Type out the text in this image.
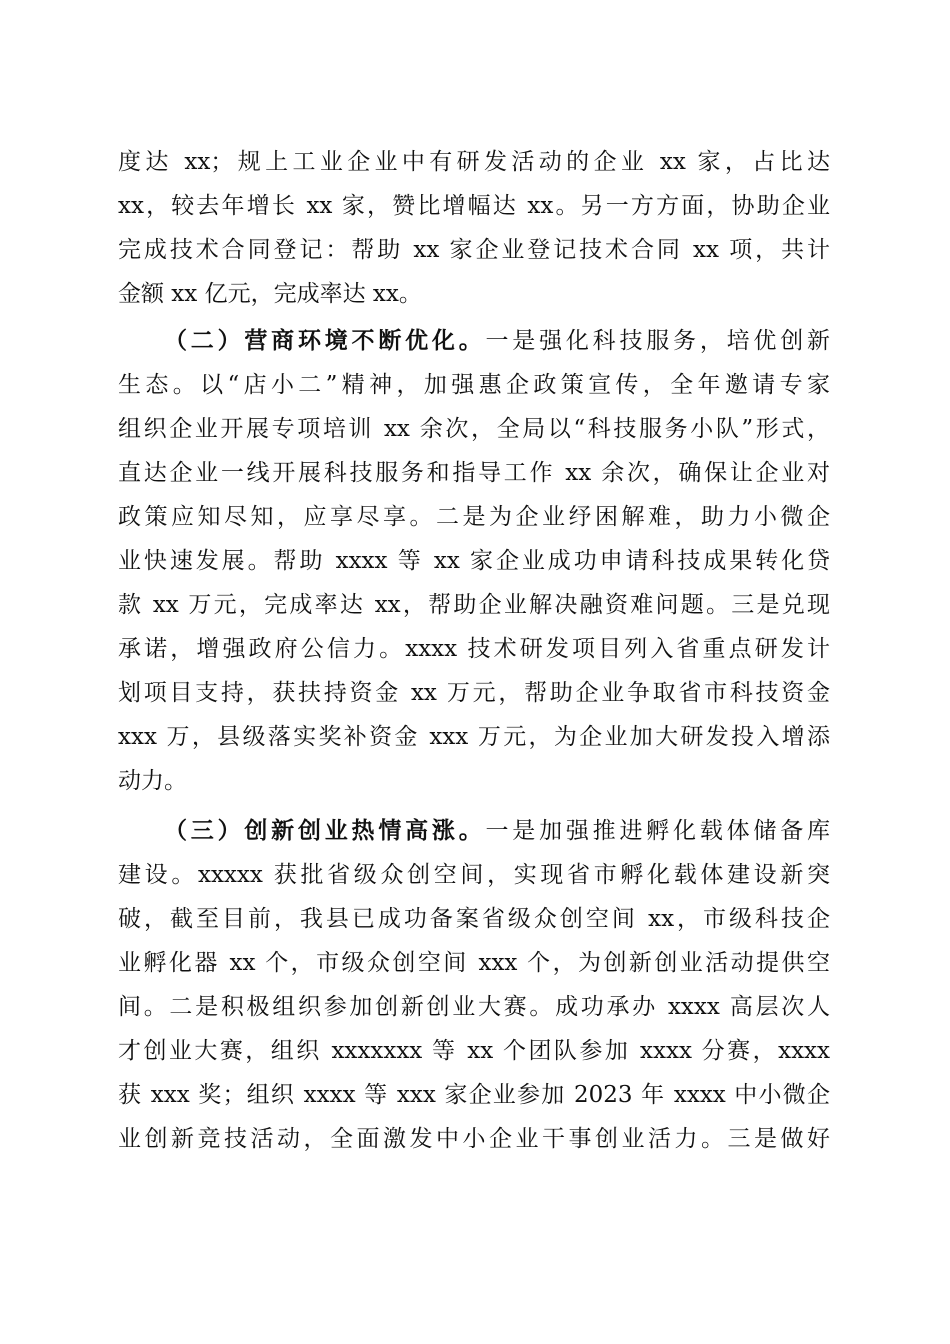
度达 xx；规上工业企业中有研发活动的企业 xx 家，占比达
xx，较去年增长 xx 家，赞比增幅达 xx。另一方方面，协助企业
完成技术合同登记：帮助 xx 家企业登记技术合同 xx 项，共计
金额 xx 亿元，完成率达 xx。
（二）营商环境不断优化。一是强化科技服务，培优创新
生态。以“店小二”精神，加强惠企政策宣传，全年邀请专家
组织企业开展专项培训 xx 余次，全局以“科技服务小队”形式，
直达企业一线开展科技服务和指导工作 xx 余次，确保让企业对
政策应知尽知，应享尽享。二是为企业纾困解难，助力小微企
业快速发展。帮助 xxxx 等 xx 家企业成功申请科技成果转化贷
款 xx 万元，完成率达 xx，帮助企业解决融资难问题。三是兑现
承诺，增强政府公信力。xxxx 技术研发项目列入省重点研发计
划项目支持，获扶持资金 xx 万元，帮助企业争取省市科技资金
xxx 万，县级落实奖补资金 xxx 万元，为企业加大研发投入增添
动力。
（三）创新创业热情高涨。一是加强推进孵化载体储备库
建设。xxxxx 获批省级众创空间，实现省市孵化载体建设新突
破，截至目前，我县已成功备案省级众创空间 xx，市级科技企
业孵化器 xx 个，市级众创空间 xxx 个，为创新创业活动提供空
间。二是积极组织参加创新创业大赛。成功承办 xxxx 高层次人
才创业大赛，组织 xxxxxxx 等 xx 个团队参加 xxxx 分赛，xxxx
获 xxx 奖；组织 xxxx 等 xxx 家企业参加 2023 年 xxxx 中小微企
业创新竞技活动，全面激发中小企业干事创业活力。三是做好
